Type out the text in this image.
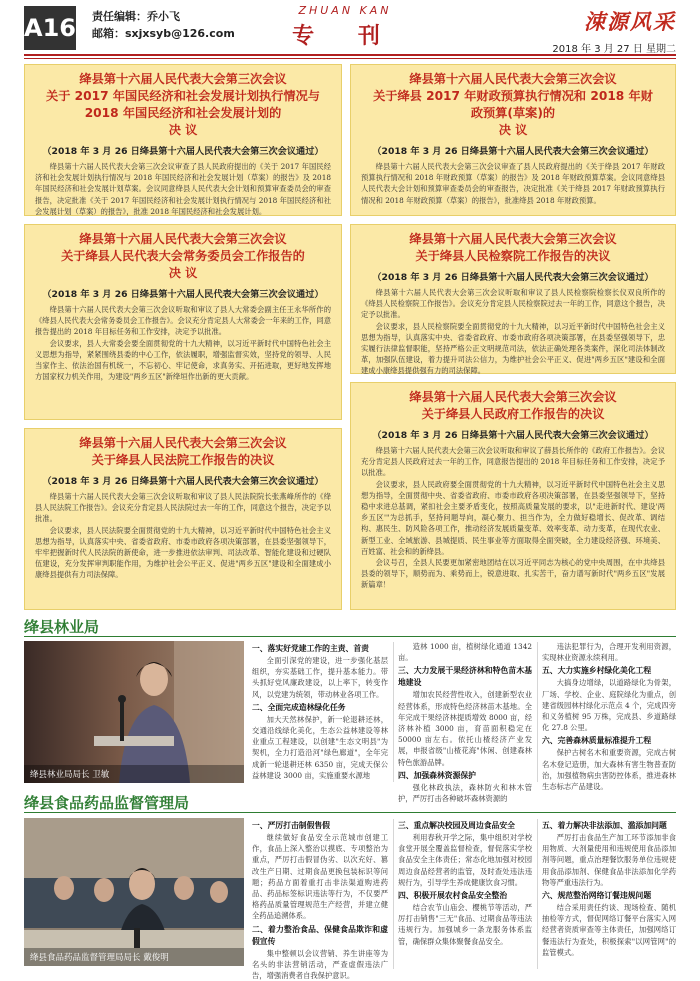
A16 责任编辑：乔小飞
邮箱：sxjxsyb@126.com
ZHUAN KAN
专 刊
涑源风采
2018 年 3 月 27 日 星期二
绛县第十六届人民代表大会第三次会议
关于 2017 年国民经济和社会发展计划执行情况与
2018 年国民经济和社会发展计划的
决 议
（2018 年 3 月 26 日绛县第十六届人民代表大会第三次会议通过）

绛县第十六届人民代表大会第三次会议审查了县人民政府提出的《关于 2017 年国民经济和社会发展计划执行情况与 2018 年国民经济和社会发展计划（草案）的报告》及 2018 年国民经济和社会发展计划草案。会议同意绛县人民代表大会计划和预算审查委员会的审查报告，决定批准《关于 2017 年国民经济和社会发展计划执行情况与 2018 年国民经济和社会发展计划（草案）的报告》，批准 2018 年国民经济和社会发展计划。

绛县第十六届人民代表大会第三次会议
关于绛县 2017 年财政预算执行情况和 2018 年财
政预算(草案)的
决 议
（2018 年 3 月 26 日绛县第十六届人民代表大会第三次会议通过）

绛县第十六届人民代表大会第三次会议审查了县人民政府提出的《关于绛县 2017 年财政预算执行情况和 2018 年财政预算（草案）的报告》及 2018 年财政预算草案。会议同意绛县人民代表大会计划和预算审查委员会的审查报告，决定批准《关于绛县 2017 年财政预算执行情况和 2018 年财政预算（草案）的报告》，批准绛县 2018 年财政预算。

绛县第十六届人民代表大会第三次会议
关于绛县人民代表大会常务委员会工作报告的
决 议
（2018 年 3 月 26 日绛县第十六届人民代表大会第三次会议通过）

绛县第十六届人民代表大会第三次会议听取和审议了县人大常委会副主任王永华所作的《绛县人民代表大会常务委员会工作报告》。会议充分肯定县人大常委会一年来的工作，同意报告提出的 2018 年目标任务和工作安排，决定予以批准。

会议要求，县人大常委会要全面贯彻党的十九大精神，以习近平新时代中国特色社会主义思想为指导，紧紧围绕县委的中心工作，依法履职，增强监督实效，坚持党的领导、人民当家作主、依法治国有机统一，不忘初心、牢记使命，求真务实、开拓进取，更好地发挥地方国家权力机关作用，为建设"两乡五区"新绛垣作出新的更大贡献。

绛县第十六届人民代表大会第三次会议
关于绛县人民检察院工作报告的决议
（2018 年 3 月 26 日绛县第十六届人民代表大会第三次会议通过）

绛县第十六届人民代表大会第三次会议听取和审议了县人民检察院检察长仪双良所作的《绛县人民检察院工作报告》。会议充分肯定县人民检察院过去一年的工作，同意这个报告，决定予以批准。

会议要求，县人民检察院要全面贯彻党的十九大精神，以习近平新时代中国特色社会主义思想为指导，认真落实中央、省委省政府、市委市政府各项决策部署，在县委坚强领导下，忠实履行法律监督职能，坚持严格公正文明规范司法，依法正确处理各类案件，深化司法体制改革，加强队伍建设，着力提升司法公信力，为维护社会公平正义、促进"两乡五区"建设和全面建成小康绛县提供强有力的司法保障。

绛县第十六届人民代表大会第三次会议
关于绛县人民法院工作报告的决议
（2018 年 3 月 26 日绛县第十六届人民代表大会第三次会议通过）

绛县第十六届人民代表大会第三次会议听取和审议了县人民法院院长张燕峰所作的《绛县人民法院工作报告》。会议充分肯定县人民法院过去一年的工作，同意这个报告，决定予以批准。

会议要求，县人民法院要全面贯彻党的十九大精神，以习近平新时代中国特色社会主义思想为指导，认真落实中央、省委省政府、市委市政府各项决策部署，在县委坚强领导下，牢牢把握新时代人民法院的新使命，进一步推进依法审判、司法改革、智能化建设和过硬队伍建设，充分发挥审判职能作用，为维护社会公平正义、促进"两乡五区"建设和全面建成小康绛县提供有力司法保障。

绛县第十六届人民代表大会第三次会议
关于绛县人民政府工作报告的决议
（2018 年 3 月 26 日绛县第十六届人民代表大会第三次会议通过）

绛县第十六届人民代表大会第三次会议听取和审议了薛县长所作的《政府工作报告》。会议充分肯定县人民政府过去一年的工作，同意报告提出的 2018 年目标任务和工作安排，决定予以批准。

会议要求，县人民政府要全面贯彻党的十九大精神，以习近平新时代中国特色社会主义思想为指导，全面贯彻中央、省委省政府、市委市政府各项决策部署，在县委坚强领导下，坚持稳中求进总基调，紧扣社会主要矛盾变化，按照高质量发展的要求，以"走进新时代、建设'两乡五区'"为总抓手，坚持问题导向，凝心聚力、担当作为，全力做好稳增长、促改革、调结构、惠民生、防风险各项工作，推动经济发展质量变革、效率变革、动力变革，在现代农业、新型工业、全域旅游、县城提质、民生事业等方面取得全面突破，全力建设经济强、环境美、百姓富、社会和的新绛县。

会议号召，全县人民要更加紧密地团结在以习近平同志为核心的党中央周围，在中共绛县县委的领导下，顺势而为、乘势而上，锐意进取、扎实苦干，奋力谱写新时代"两乡五区"发展新篇章！

绛县林业局
绛县林业局局长 卫敏
一、落实好党建工作的主责、首责

全面引深党的建设，进一步强化基层组织，夯实基础工作，提升基本能力。带头抓好党风廉政建设，以上率下，转变作风，以党建为统领，带动林业各项工作。

二、全面完成造林绿化任务

加大天然林保护，新一轮退耕还林，交通沿线绿化美化，生态公益林建设等林业重点工程建设，以创建"生态文明县"为契机，全力打造沿河"绿色廊道"，全年完成新一轮退耕还林 6350 亩，完成天保公益林建设 3000 亩，实施重要水源地

造林 1000 亩，植树绿化通道 1342 亩。

三、大力发展干果经济林和特色苗木基地建设

增加农民经营性收入，创建新型农业经营体系，形成特色经济林苗木基地。全年完成干果经济林提质增效 8000 亩，经济林补植 3000 亩，育苗面积稳定在 50000 亩左右。依托山楂经济产业发展，申报省级"山楂花海"休闲、创建森林特色旅游品牌。

四、加强森林资源保护

强化林政执法，森林防火和林木管护，严厉打击各种破坏森林资源的

违法犯罪行为，合理开发利用资源，实现林业资源永续利用。

五、大力实施乡村绿化美化工程

大搞身边增绿，以道路绿化为骨架，厂场、学校、企业、庭院绿化为重点，创建省级园林村绿化示范点 4 个，完成四旁和义务植树 95 万株，完成县、乡道路绿化 27.8 公里。

六、完善森林质量标准提升工程

保护古树名木和重要资源，完成古树名木登记造册，加大森林有害生物普查防治，加强植物病虫害防控体系，推进森林生态标志产品建设。

绛县食品药品监督管理局
绛县食品药品监督管理局局长 戴俊明
一、严厉打击制假售假

继续做好食品安全示范城市创建工作，食品上深入整治以摸底、专项整治为重点，严厉打击假冒伪劣、以次充好、篡改生产日期、过期食品更换包装标识等问题；药品方面着重打击非法渠道购进药品、药品标签标识违法等行为，不仅要严格药品质量管理规范生产经营，并建立健全药品追溯体系。

二、着力整治食品、保健食品欺诈和虚假宣传

集中整顿以会议营销、养生讲座等为名头的非法营销活动，严查虚假违法广告，增强消费者自我保护意识。

三、重点解决校园及周边食品安全

利用春秋开学之际，集中组织对学校食堂开展全覆盖监督检查，督促落实学校食品安全主体责任；常态化地加强对校园周边食品经营者的监管，及时查处违法违规行为，引导学生养成健康饮食习惯。

四、积极开展农村食品安全整治

结合农节山庙会、樱桃节等活动，严厉打击销售"三无"食品、过期食品等违法违规行为。加强城乡一条龙服务体系监管，确保群众集体聚餐食品安全。

五、着力解决非法添加、滥添加问题

严厉打击食品生产加工环节添加非食用物质、大剂量使用和违规使用食品添加剂等问题，重点治理餐饮服务单位违规使用食品添加剂、保健食品非法添加化学药物等严重违法行为。

六、规范整治网络订餐违规问题

结合采用责任约谈、现场检查、随机抽检等方式，督促网络订餐平台落实入网经营者资质审查等主体责任，加强网络订餐违法行为查处，积极探索"以网管网"的监管模式。
